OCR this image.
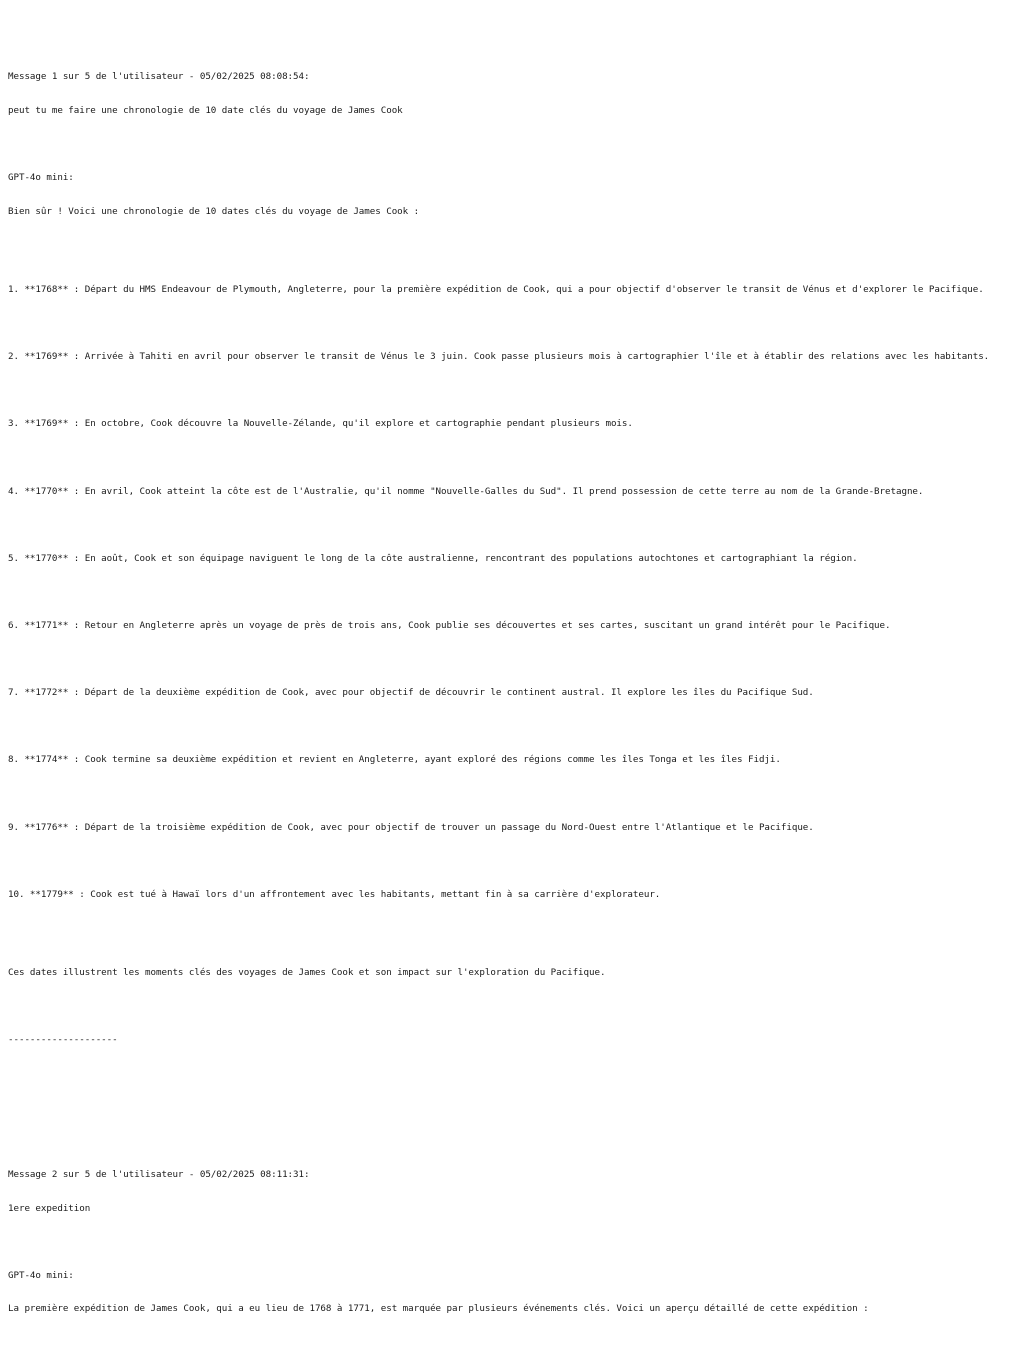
Message 1 sur 5 de l'utilisateur - 05/02/2025 08:08:54:

peut tu me faire une chronologie de 10 date clés du voyage de James Cook

GPT-4o mini:

Bien sûr ! Voici une chronologie de 10 dates clés du voyage de James Cook :

1. **1768** : Départ du HMS Endeavour de Plymouth, Angleterre, pour la première expédition de Cook, qui a pour objectif d'observer le transit de Vénus et d'explorer le Pacifique.

2. **1769** : Arrivée à Tahiti en avril pour observer le transit de Vénus le 3 juin. Cook passe plusieurs mois à cartographier l'île et à établir des relations avec les habitants.

3. **1769** : En octobre, Cook découvre la Nouvelle-Zélande, qu'il explore et cartographie pendant plusieurs mois.

4. **1770** : En avril, Cook atteint la côte est de l'Australie, qu'il nomme "Nouvelle-Galles du Sud". Il prend possession de cette terre au nom de la Grande-Bretagne.

5. **1770** : En août, Cook et son équipage naviguent le long de la côte australienne, rencontrant des populations autochtones et cartographiant la région.

6. **1771** : Retour en Angleterre après un voyage de près de trois ans, Cook publie ses découvertes et ses cartes, suscitant un grand intérêt pour le Pacifique.

7. **1772** : Départ de la deuxième expédition de Cook, avec pour objectif de découvrir le continent austral. Il explore les îles du Pacifique Sud.

8. **1774** : Cook termine sa deuxième expédition et revient en Angleterre, ayant exploré des régions comme les îles Tonga et les îles Fidji.

9. **1776** : Départ de la troisième expédition de Cook, avec pour objectif de trouver un passage du Nord-Ouest entre l'Atlantique et le Pacifique.

10. **1779** : Cook est tué à Hawaï lors d'un affrontement avec les habitants, mettant fin à sa carrière d'explorateur.

Ces dates illustrent les moments clés des voyages de James Cook et son impact sur l'exploration du Pacifique.

--------------------

Message 2 sur 5 de l'utilisateur - 05/02/2025 08:11:31:

1ere expedition

GPT-4o mini:

La première expédition de James Cook, qui a eu lieu de 1768 à 1771, est marquée par plusieurs événements clés. Voici un aperçu détaillé de cette expédition :
